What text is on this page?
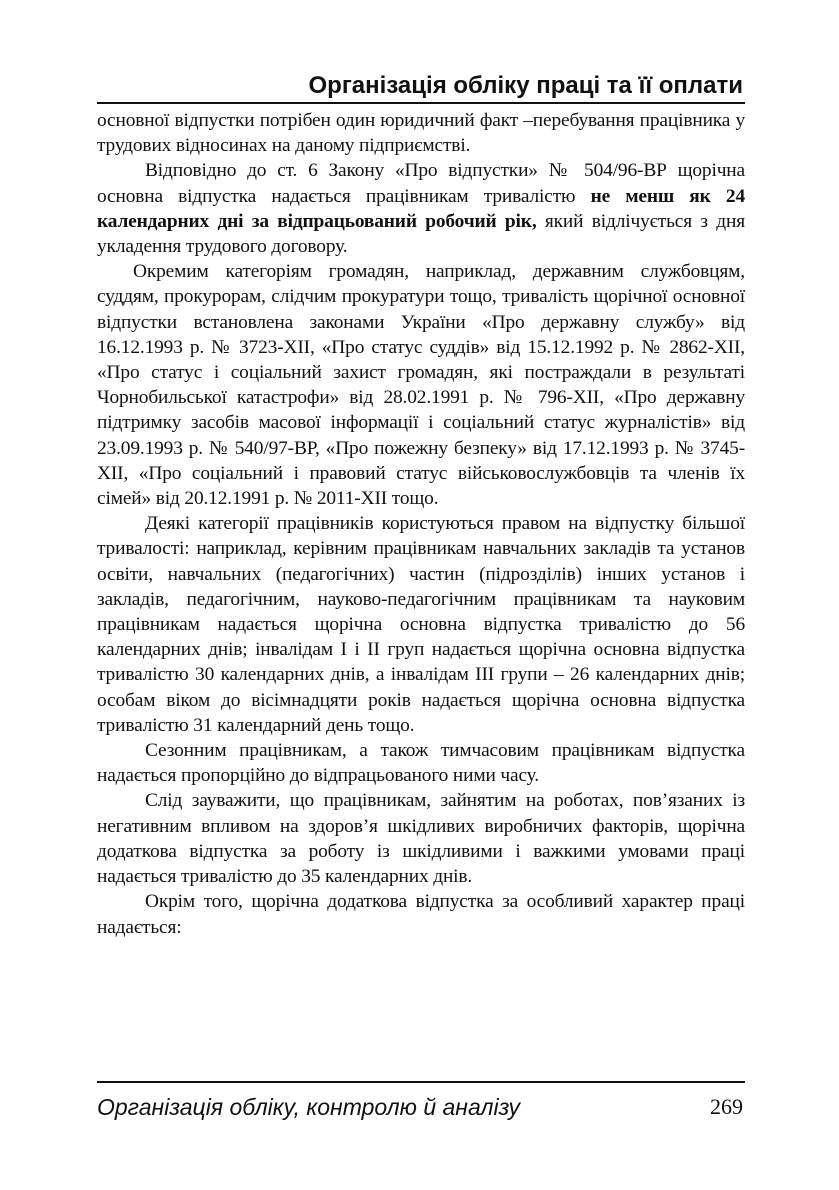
Організація обліку праці та її оплати

основної відпустки потрібен один юридичний факт –перебування працівника у трудових відносинах на даному підприємстві.

Відповідно до ст. 6 Закону «Про відпустки» № 504/96-ВР щорічна основна відпустка надається працівникам тривалістю не менш як 24 календарних дні за відпрацьований робочий рік, який відлічується з дня укладення трудового договору.

Окремим категоріям громадян, наприклад, державним службовцям, суддям, прокурорам, слідчим прокуратури тощо, тривалість щорічної основної відпустки встановлена законами України «Про державну службу» від 16.12.1993 р. № 3723-XII, «Про статус суддів» від 15.12.1992 р. № 2862-XII, «Про статус і соціальний захист громадян, які постраждали в результаті Чорнобильської катастрофи» від 28.02.1991 р. № 796-XII, «Про державну підтримку засобів масової інформації і соціальний статус журналістів» від 23.09.1993 р. № 540/97-ВР, «Про пожежну безпеку» від 17.12.1993 р. № 3745- XII, «Про соціальний і правовий статус військовослужбовців та членів їх сімей» від 20.12.1991 р. № 2011-XII тощо.

Деякі категорії працівників користуються правом на відпустку більшої тривалості: наприклад, керівним працівникам навчальних закладів та установ освіти, навчальних (педагогічних) частин (підрозділів) інших установ і закладів, педагогічним, науково-педагогічним працівникам та науковим працівникам надається щорічна основна відпустка тривалістю до 56 календарних днів; інвалідам I і II груп надається щорічна основна відпустка тривалістю 30 календарних днів, а інвалідам III групи – 26 календарних днів; особам віком до вісімнадцяти років надається щорічна основна відпустка тривалістю 31 календарний день тощо.

Сезонним працівникам, а також тимчасовим працівникам відпустка надається пропорційно до відпрацьованого ними часу.

Слід зауважити, що працівникам, зайнятим на роботах, пов’язаних із негативним впливом на здоров’я шкідливих виробничих факторів, щорічна додаткова відпустка за роботу із шкідливими і важкими умовами праці надається тривалістю до 35 календарних днів.

Окрім того, щорічна додаткова відпустка за особливий характер праці надається:

Організація обліку, контролю й аналізу	269
